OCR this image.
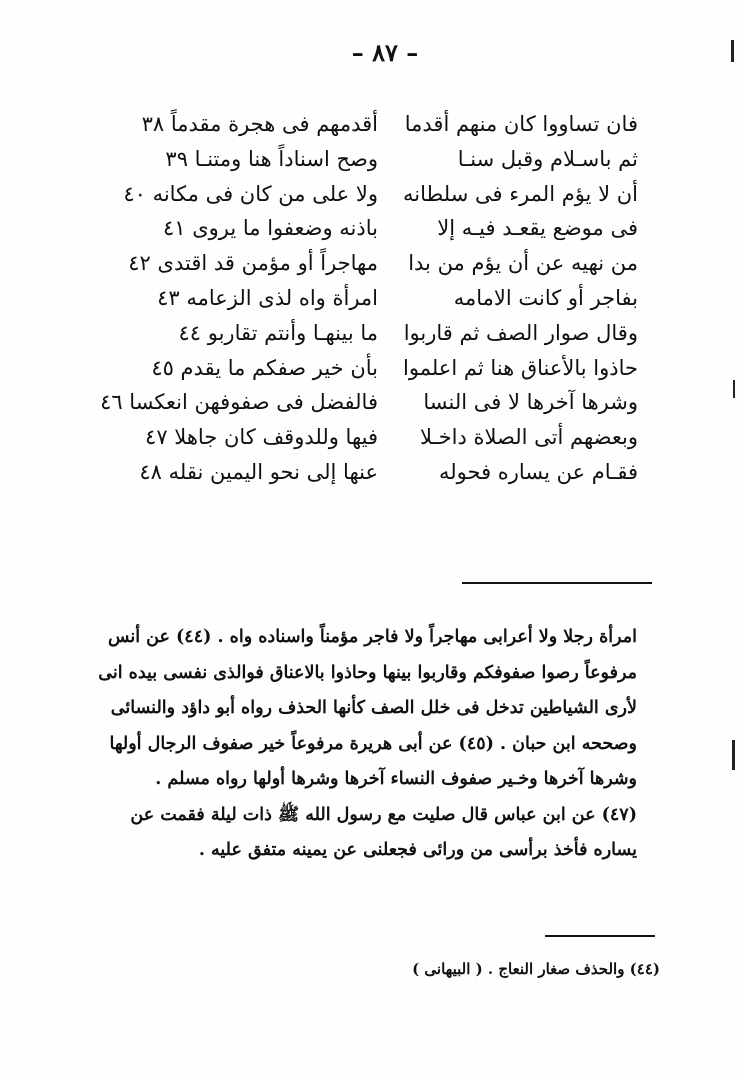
– ٨٧ –
فان تساووا كان منهم أقدما
أقدمهم فى هجرة مقدماً ٣٨
ثم باسـلام وقبل سنـا
وصح اسناداً هنا ومتنـا ٣٩
أن لا يؤم المرء فى سلطانه
ولا على من كان فى مكانه ٤٠
فى موضع يقعـد فيـه إلا
باذنه وضعفوا ما يروى ٤١
من نهيه عن أن يؤم من بدا
مهاجراً أو مؤمن قد اقتدى ٤٢
بفاجر أو كانت الامامه
امرأة واه لذى الزعامه ٤٣
وقال صوار الصف ثم قاربوا
ما بينهـا وأنتم تقاربو ٤٤
حاذوا بالأعناق هنا ثم اعلموا
بأن خير صفكم ما يقدم ٤٥
وشرها آخرها لا فى النسا
فالفضل فى صفوفهن انعكسا ٤٦
وبعضهم أتى الصلاة داخـلا
فيها وللدوقف كان جاهلا ٤٧
فقـام عن يساره فحوله
عنها إلى نحو اليمين نقله ٤٨
امرأة رجلا ولا أعرابى مهاجراً ولا فاجر مؤمناً واسناده واه . (٤٤) عن أنس
مرفوعاً رصوا صفوفكم وقاربوا بينها وحاذوا بالاعناق فوالذى نفسى بيده انى
لأرى الشياطين تدخل فى خلل الصف كأنها الحذف رواه أبو داؤد والنسائى
وصححه ابن حبان . (٤٥) عن أبى هريرة مرفوعاً خير صفوف الرجال أولها
وشرها آخرها وخـير صفوف النساء آخرها وشرها أولها رواه مسلم .
(٤٧) عن ابن عباس قال صليت مع رسول الله ﷺ ذات ليلة فقمت عن
يساره فأخذ برأسى من ورائى فجعلنى عن يمينه متفق عليه .
(٤٤) والحذف صغار النعاج . ( البيهانى )
